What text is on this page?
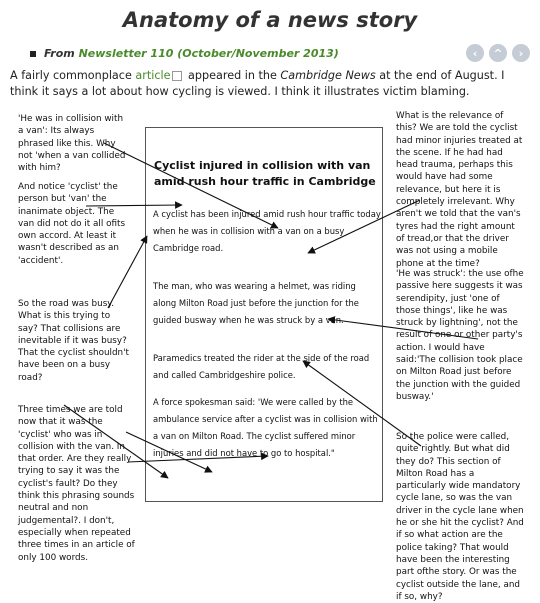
Anatomy of a news story
From Newsletter 110 (October/November 2013)	‹	^	›
A fairly commonplace article appeared in the Cambridge News at the end of August. I think it says a lot about how cycling is viewed. I think it illustrates victim blaming.
'He was in collision with a van': Its always phrased like this. Why not 'when a van collided with him?
And notice 'cyclist' the person but 'van' the inanimate object. The van did not do it all ofits own accord. At least it wasn't described as an 'accident'.
So the road was busy. What is this trying to say? That collisions are inevitable if it was busy? That the cyclist shouldn't have been on a busy road?
Three times we are told now that it was the 'cyclist' who was in collision with the van. In that order. Are they really trying to say it was the cyclist's fault? Do they think this phrasing sounds neutral and non judgemental?. I don't, especially when repeated three times in an article of only 100 words.
What is the relevance of this? We are told the cyclist had minor injuries treated at the scene. If he had had head trauma, perhaps this would have had some relevance, but here it is completely irrelevant. Why aren't we told that the van's tyres had the right amount of tread,or that the driver was not using a mobile phone at the time?
'He was struck': the use ofhe passive here suggests it was serendipity, just 'one of those things', like he was struck by lightning', not the result of one or other party's action. I would have said:'The collision took place on Milton Road just before the junction with the guided busway.'
So the police were called, quite rightly. But what did they do? This section of Milton Road has a particularly wide mandatory cycle lane, so was the van driver in the cycle lane when he or she hit the cyclist? And if so what action are the police taking? That would have been the interesting part ofthe story. Or was the cyclist outside the lane, and if so, why?
Cyclist injured in collision with van amid rush hour traffic in Cambridge
A cyclist has been injured amid rush hour traffic today when he was in collision with a van on a busy Cambridge road.
The man, who was wearing a helmet, was riding along Milton Road just before the junction for the guided busway when he was struck by a van.
Paramedics treated the rider at the side of the road and called Cambridgeshire police.
A force spokesman said: 'We were called by the ambulance service after a cyclist was in collision with a van on Milton Road. The cyclist suffered minor injuries and did not have to go to hospital."
